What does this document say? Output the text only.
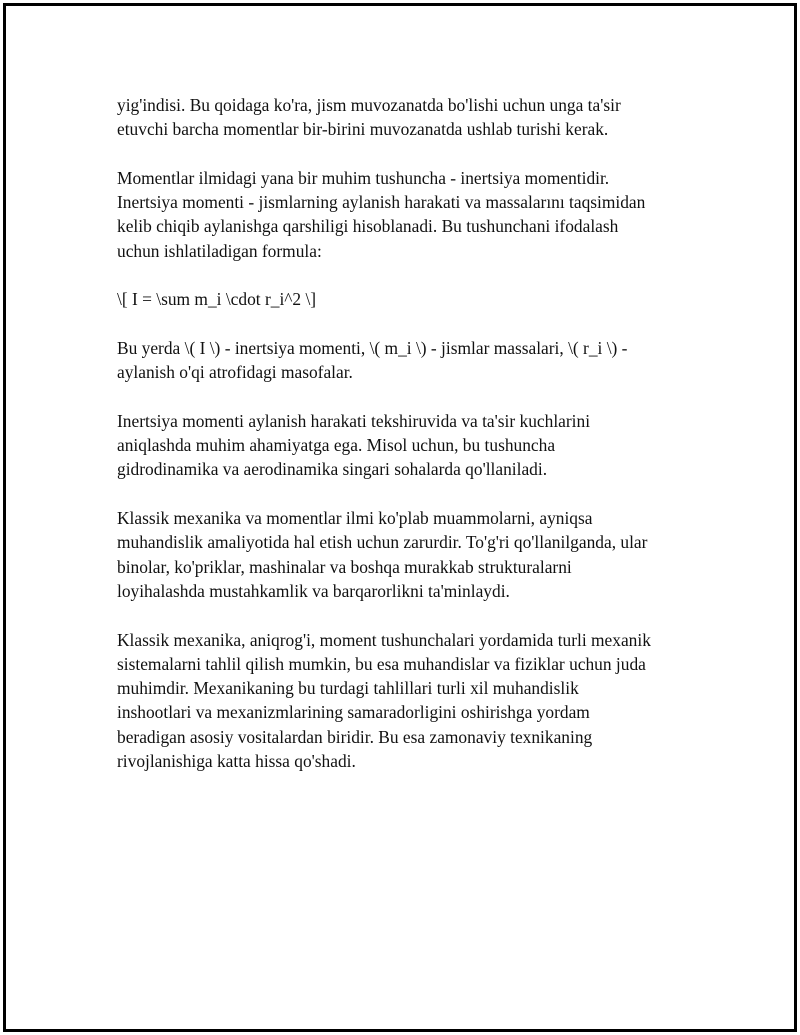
yig'indisi. Bu qoidaga ko'ra, jism muvozanatda bo'lishi uchun unga ta'sir
etuvchi barcha momentlar bir-birini muvozanatda ushlab turishi kerak.

Momentlar ilmidagi yana bir muhim tushuncha - inertsiya momentidir.
Inertsiya momenti - jismlarning aylanish harakati va massalarını taqsimidan
kelib chiqib aylanishga qarshiligi hisoblanadi. Bu tushunchani ifodalash
uchun ishlatiladigan formula:

\[ I = \sum m_i \cdot r_i^2 \]

Bu yerda \( I \) - inertsiya momenti, \( m_i \) - jismlar massalari, \( r_i \) -
aylanish o'qi atrofidagi masofalar.

Inertsiya momenti aylanish harakati tekshiruvida va ta'sir kuchlarini
aniqlashda muhim ahamiyatga ega. Misol uchun, bu tushuncha
gidrodinamika va aerodinamika singari sohalarda qo'llaniladi.

Klassik mexanika va momentlar ilmi ko'plab muammolarni, ayniqsa
muhandislik amaliyotida hal etish uchun zarurdir. To'g'ri qo'llanilganda, ular
binolar, ko'priklar, mashinalar va boshqa murakkab strukturalarni
loyihalashda mustahkamlik va barqarorlikni ta'minlaydi.

Klassik mexanika, aniqrog'i, moment tushunchalari yordamida turli mexanik
sistemalarni tahlil qilish mumkin, bu esa muhandislar va fiziklar uchun juda
muhimdir. Mexanikaning bu turdagi tahlillari turli xil muhandislik
inshootlari va mexanizmlarining samaradorligini oshirishga yordam
beradigan asosiy vositalardan biridir. Bu esa zamonaviy texnikaning
rivojlanishiga katta hissa qo'shadi.
